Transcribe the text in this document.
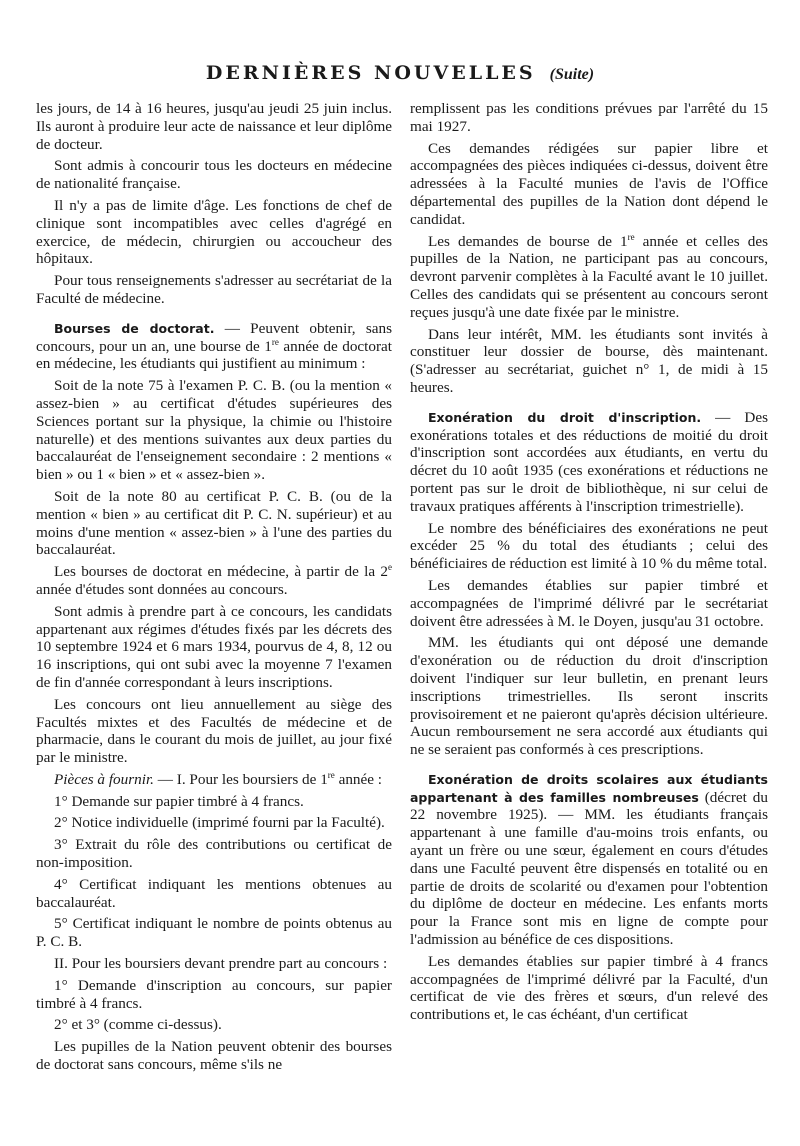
DERNIÈRES NOUVELLES (Suite)

les jours, de 14 à 16 heures, jusqu'au jeudi 25 juin inclus. Ils auront à produire leur acte de naissance et leur diplôme de docteur.

Sont admis à concourir tous les docteurs en médecine de nationalité française.

Il n'y a pas de limite d'âge. Les fonctions de chef de clinique sont incompatibles avec celles d'agrégé en exercice, de médecin, chirurgien ou accoucheur des hôpitaux.

Pour tous renseignements s'adresser au secrétariat de la Faculté de médecine.

Bourses de doctorat. — Peuvent obtenir, sans concours, pour un an, une bourse de 1re année de doctorat en médecine, les étudiants qui justifient au minimum :

Soit de la note 75 à l'examen P. C. B. (ou la mention « assez-bien » au certificat d'études supérieures des Sciences portant sur la physique, la chimie ou l'histoire naturelle) et des mentions suivantes aux deux parties du baccalauréat de l'enseignement secondaire : 2 mentions « bien » ou 1 « bien » et « assez-bien ».

Soit de la note 80 au certificat P. C. B. (ou de la mention « bien » au certificat dit P. C. N. supérieur) et au moins d'une mention « assez-bien » à l'une des parties du baccalauréat.

Les bourses de doctorat en médecine, à partir de la 2e année d'études sont données au concours.

Sont admis à prendre part à ce concours, les candidats appartenant aux régimes d'études fixés par les décrets des 10 septembre 1924 et 6 mars 1934, pourvus de 4, 8, 12 ou 16 inscriptions, qui ont subi avec la moyenne 7 l'examen de fin d'année correspondant à leurs inscriptions.

Les concours ont lieu annuellement au siège des Facultés mixtes et des Facultés de médecine et de pharmacie, dans le courant du mois de juillet, au jour fixé par le ministre.

Pièces à fournir. — I. Pour les boursiers de 1re année :

1° Demande sur papier timbré à 4 francs.

2° Notice individuelle (imprimé fourni par la Faculté).

3° Extrait du rôle des contributions ou certificat de non-imposition.

4° Certificat indiquant les mentions obtenues au baccalauréat.

5° Certificat indiquant le nombre de points obtenus au P. C. B.

II. Pour les boursiers devant prendre part au concours :

1° Demande d'inscription au concours, sur papier timbré à 4 francs.

2° et 3° (comme ci-dessus).

Les pupilles de la Nation peuvent obtenir des bourses de doctorat sans concours, même s'ils ne

remplissent pas les conditions prévues par l'arrêté du 15 mai 1927.

Ces demandes rédigées sur papier libre et accompagnées des pièces indiquées ci-dessus, doivent être adressées à la Faculté munies de l'avis de l'Office départemental des pupilles de la Nation dont dépend le candidat.

Les demandes de bourse de 1re année et celles des pupilles de la Nation, ne participant pas au concours, devront parvenir complètes à la Faculté avant le 10 juillet. Celles des candidats qui se présentent au concours seront reçues jusqu'à une date fixée par le ministre.

Dans leur intérêt, MM. les étudiants sont invités à constituer leur dossier de bourse, dès maintenant. (S'adresser au secrétariat, guichet n° 1, de midi à 15 heures.

Exonération du droit d'inscription. — Des exonérations totales et des réductions de moitié du droit d'inscription sont accordées aux étudiants, en vertu du décret du 10 août 1935 (ces exonérations et réductions ne portent pas sur le droit de bibliothèque, ni sur celui de travaux pratiques afférents à l'inscription trimestrielle).

Le nombre des bénéficiaires des exonérations ne peut excéder 25 % du total des étudiants ; celui des bénéficiaires de réduction est limité à 10 % du même total.

Les demandes établies sur papier timbré et accompagnées de l'imprimé délivré par le secrétariat doivent être adressées à M. le Doyen, jusqu'au 31 octobre.

MM. les étudiants qui ont déposé une demande d'exonération ou de réduction du droit d'inscription doivent l'indiquer sur leur bulletin, en prenant leurs inscriptions trimestrielles. Ils seront inscrits provisoirement et ne paieront qu'après décision ultérieure. Aucun remboursement ne sera accordé aux étudiants qui ne se seraient pas conformés à ces prescriptions.

Exonération de droits scolaires aux étudiants appartenant à des familles nombreuses (décret du 22 novembre 1925). — MM. les étudiants français appartenant à une famille d'au-moins trois enfants, ou ayant un frère ou une sœur, également en cours d'études dans une Faculté peuvent être dispensés en totalité ou en partie de droits de scolarité ou d'examen pour l'obtention du diplôme de docteur en médecine. Les enfants morts pour la France sont mis en ligne de compte pour l'admission au bénéfice de ces dispositions.

Les demandes établies sur papier timbré à 4 francs accompagnées de l'imprimé délivré par la Faculté, d'un certificat de vie des frères et sœurs, d'un relevé des contributions et, le cas échéant, d'un certificat
